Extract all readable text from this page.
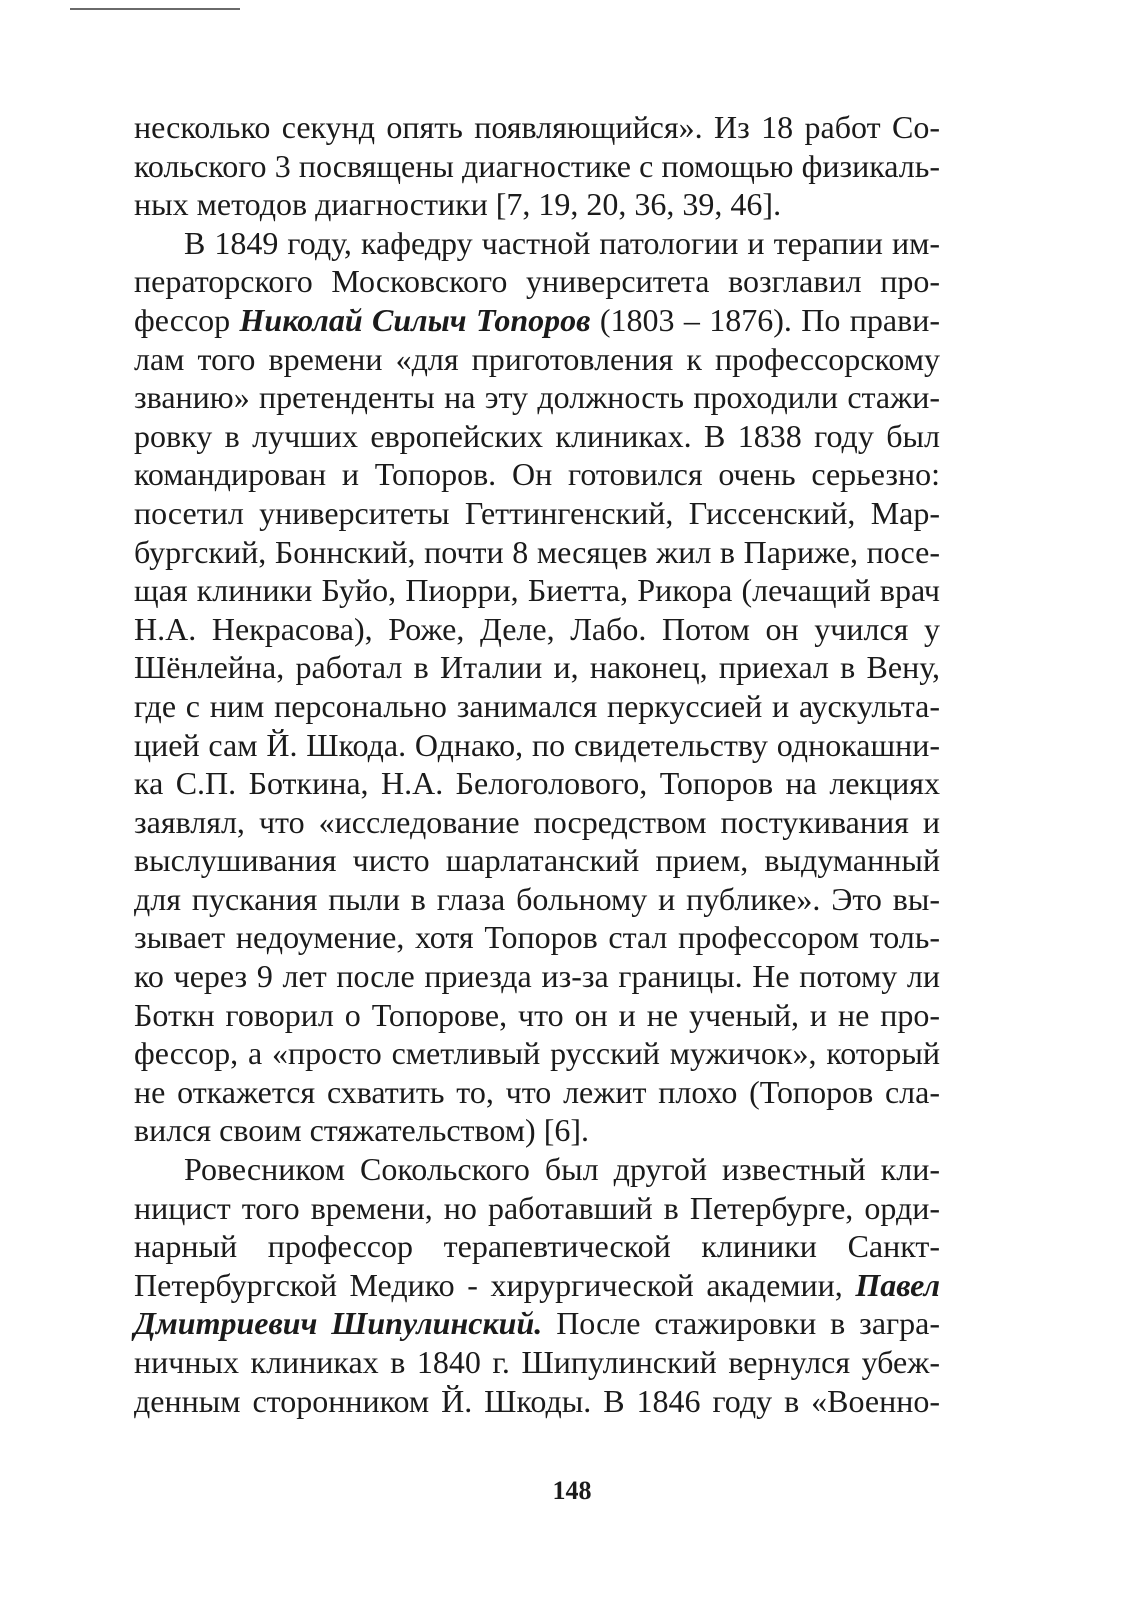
несколько секунд опять появляющийся». Из 18 работ Со-
кольского 3 посвящены диагностике с помощью физикаль-
ных методов диагностики [7, 19, 20, 36, 39, 46].
В 1849 году, кафедру частной патологии и терапии им-
ператорского Московского университета возглавил про-
фессор Николай Силыч Топоров (1803 – 1876). По прави-
лам того времени «для приготовления к профессорскому
званию» претенденты на эту должность проходили стажи-
ровку в лучших европейских клиниках. В 1838 году был
командирован и Топоров. Он готовился очень серьезно:
посетил университеты Геттингенский, Гиссенский, Мар-
бургский, Боннский, почти 8 месяцев жил в Париже, посе-
щая клиники Буйо, Пиорри, Биетта, Рикора (лечащий врач
Н.А. Некрасова), Роже, Деле, Лабо. Потом он учился у
Шёнлейна, работал в Италии и, наконец, приехал в Вену,
где с ним персонально занимался перкуссией и аускульта-
цией сам Й. Шкода. Однако, по свидетельству однокашни-
ка С.П. Боткина, Н.А. Белоголового, Топоров на лекциях
заявлял, что «исследование посредством постукивания и
выслушивания чисто шарлатанский прием, выдуманный
для пускания пыли в глаза больному и публике». Это вы-
зывает недоумение, хотя Топоров стал профессором толь-
ко через 9 лет после приезда из-за границы. Не потому ли
Боткн говорил о Топорове, что он и не ученый, и не про-
фессор, а «просто сметливый русский мужичок», который
не откажется схватить то, что лежит плохо (Топоров сла-
вился своим стяжательством) [6].
Ровесником Сокольского был другой известный кли-
ницист того времени, но работавший в Петербурге, орди-
нарный профессор терапевтической клиники Санкт-
Петербургской Медико - хирургической академии, Павел
Дмитриевич Шипулинский. После стажировки в загра-
ничных клиниках в 1840 г. Шипулинский вернулся убеж-
денным сторонником Й. Шкоды. В 1846 году в «Военно-
148
